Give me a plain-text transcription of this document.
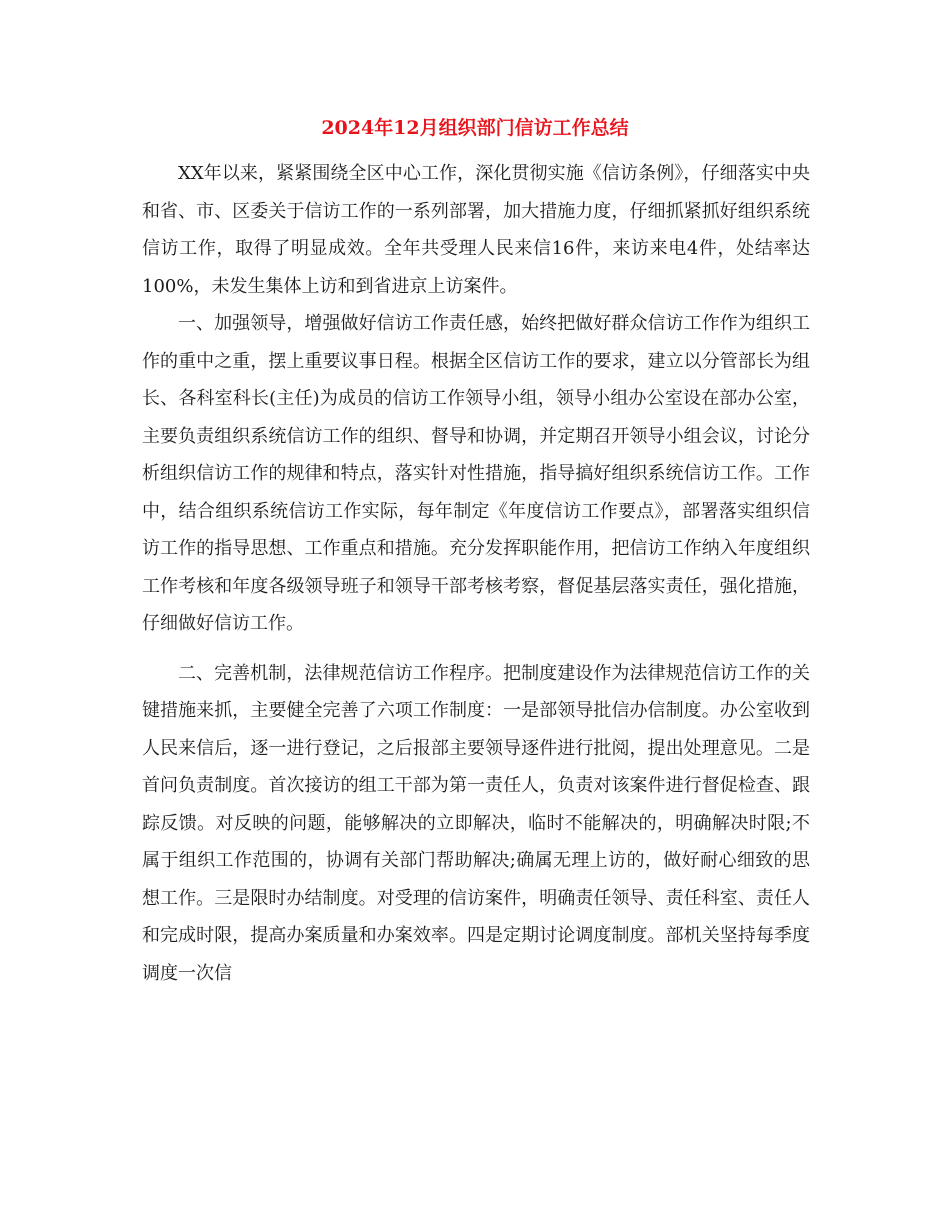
2024年12月组织部门信访工作总结

XX年以来，紧紧围绕全区中心工作，深化贯彻实施《信访条例》，仔细落实中央和省、市、区委关于信访工作的一系列部署，加大措施力度，仔细抓紧抓好组织系统信访工作，取得了明显成效。全年共受理人民来信16件，来访来电4件，处结率达100%，未发生集体上访和到省进京上访案件。

一、加强领导，增强做好信访工作责任感，始终把做好群众信访工作作为组织工作的重中之重，摆上重要议事日程。根据全区信访工作的要求，建立以分管部长为组长、各科室科长(主任)为成员的信访工作领导小组，领导小组办公室设在部办公室，主要负责组织系统信访工作的组织、督导和协调，并定期召开领导小组会议，讨论分析组织信访工作的规律和特点，落实针对性措施，指导搞好组织系统信访工作。工作中，结合组织系统信访工作实际，每年制定《年度信访工作要点》，部署落实组织信访工作的指导思想、工作重点和措施。充分发挥职能作用，把信访工作纳入年度组织工作考核和年度各级领导班子和领导干部考核考察，督促基层落实责任，强化措施，仔细做好信访工作。

二、完善机制，法律规范信访工作程序。把制度建设作为法律规范信访工作的关键措施来抓，主要健全完善了六项工作制度：一是部领导批信办信制度。办公室收到人民来信后，逐一进行登记，之后报部主要领导逐件进行批阅，提出处理意见。二是首问负责制度。首次接访的组工干部为第一责任人，负责对该案件进行督促检查、跟踪反馈。对反映的问题，能够解决的立即解决，临时不能解决的，明确解决时限;不属于组织工作范围的，协调有关部门帮助解决;确属无理上访的，做好耐心细致的思想工作。三是限时办结制度。对受理的信访案件，明确责任领导、责任科室、责任人和完成时限，提高办案质量和办案效率。四是定期讨论调度制度。部机关坚持每季度调度一次信
